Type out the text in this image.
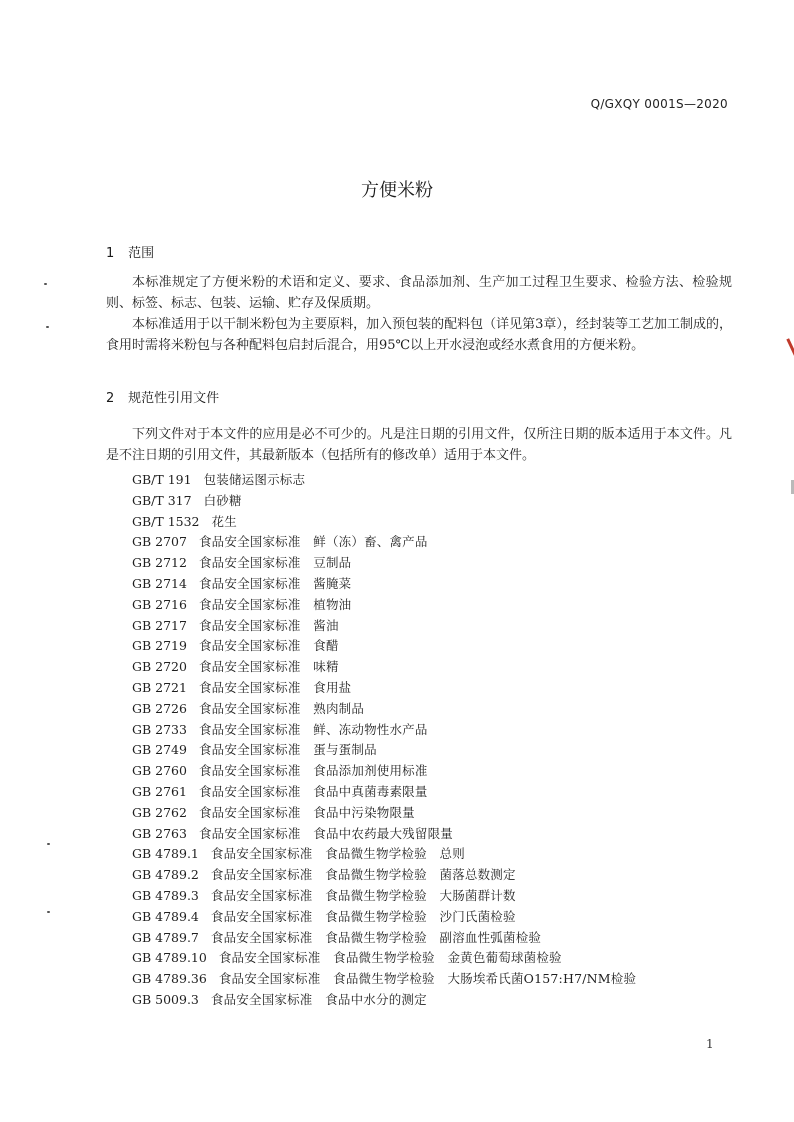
Q/GXQY 0001S—2020
方便米粉
1 范围

本标准规定了方便米粉的术语和定义、要求、食品添加剂、生产加工过程卫生要求、检验方法、检验规则、标签、标志、包装、运输、贮存及保质期。

本标准适用于以干制米粉包为主要原料，加入预包装的配料包（详见第3章），经封装等工艺加工制成的，食用时需将米粉包与各种配料包启封后混合，用95℃以上开水浸泡或经水煮食用的方便米粉。

2 规范性引用文件

下列文件对于本文件的应用是必不可少的。凡是注日期的引用文件，仅所注日期的版本适用于本文件。凡是不注日期的引用文件，其最新版本（包括所有的修改单）适用于本文件。

GB/T 191 包装储运图示标志
GB/T 317 白砂糖
GB/T 1532 花生
GB 2707 食品安全国家标准　鲜（冻）畜、禽产品
GB 2712 食品安全国家标准　豆制品
GB 2714 食品安全国家标准　酱腌菜
GB 2716 食品安全国家标准　植物油
GB 2717 食品安全国家标准　酱油
GB 2719 食品安全国家标准　食醋
GB 2720 食品安全国家标准　味精
GB 2721 食品安全国家标准　食用盐
GB 2726 食品安全国家标准　熟肉制品
GB 2733 食品安全国家标准　鲜、冻动物性水产品
GB 2749 食品安全国家标准　蛋与蛋制品
GB 2760 食品安全国家标准　食品添加剂使用标准
GB 2761 食品安全国家标准　食品中真菌毒素限量
GB 2762 食品安全国家标准　食品中污染物限量
GB 2763 食品安全国家标准　食品中农药最大残留限量
GB 4789.1 食品安全国家标准　食品微生物学检验　总则
GB 4789.2 食品安全国家标准　食品微生物学检验　菌落总数测定
GB 4789.3 食品安全国家标准　食品微生物学检验　大肠菌群计数
GB 4789.4 食品安全国家标准　食品微生物学检验　沙门氏菌检验
GB 4789.7 食品安全国家标准　食品微生物学检验　副溶血性弧菌检验
GB 4789.10 食品安全国家标准　食品微生物学检验　金黄色葡萄球菌检验
GB 4789.36 食品安全国家标准　食品微生物学检验　大肠埃希氏菌O157:H7/NM检验
GB 5009.3 食品安全国家标准　食品中水分的测定
1
